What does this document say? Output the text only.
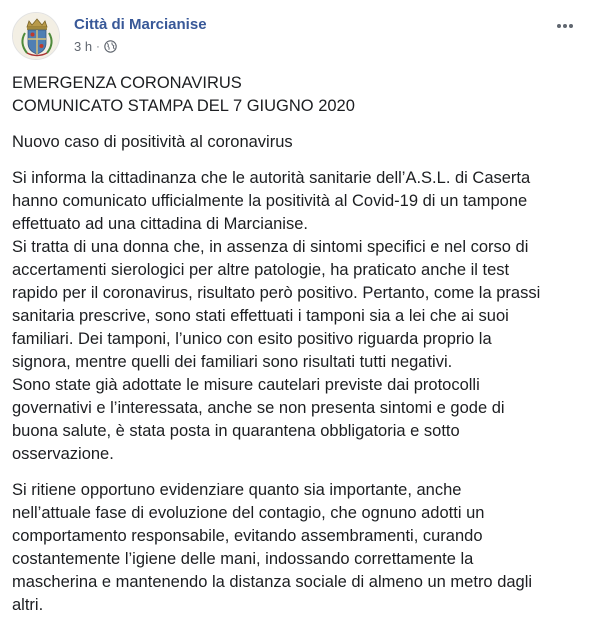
Città di Marcianise
3 h ·

EMERGENZA CORONAVIRUS
COMUNICATO STAMPA DEL 7 GIUGNO 2020

Nuovo caso di positività al coronavirus

Si informa la cittadinanza che le autorità sanitarie dell’A.S.L. di Caserta
hanno comunicato ufficialmente la positività al Covid-19 di un tampone
effettuato ad una cittadina di Marcianise.
Si tratta di una donna che, in assenza di sintomi specifici e nel corso di
accertamenti sierologici per altre patologie, ha praticato anche il test
rapido per il coronavirus, risultato però positivo. Pertanto, come la prassi
sanitaria prescrive, sono stati effettuati i tamponi sia a lei che ai suoi
familiari. Dei tamponi, l’unico con esito positivo riguarda proprio la
signora, mentre quelli dei familiari sono risultati tutti negativi.
Sono state già adottate le misure cautelari previste dai protocolli
governativi e l’interessata, anche se non presenta sintomi e gode di
buona salute, è stata posta in quarantena obbligatoria e sotto
osservazione.

Si ritiene opportuno evidenziare quanto sia importante, anche
nell’attuale fase di evoluzione del contagio, che ognuno adotti un
comportamento responsabile, evitando assembramenti, curando
costantemente l’igiene delle mani, indossando correttamente la
mascherina e mantenendo la distanza sociale di almeno un metro dagli
altri.
